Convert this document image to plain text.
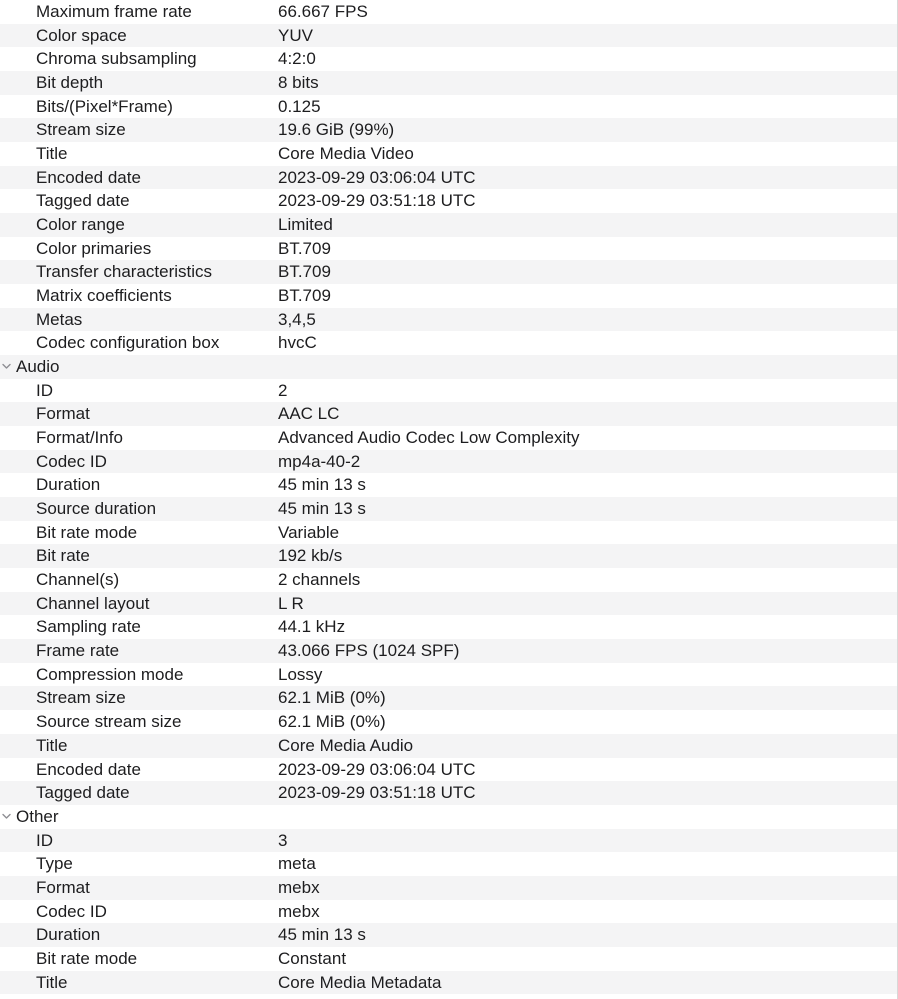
Maximum frame rate	66.667 FPS
Color space	YUV
Chroma subsampling	4:2:0
Bit depth	8 bits
Bits/(Pixel*Frame)	0.125
Stream size	19.6 GiB (99%)
Title	Core Media Video
Encoded date	2023-09-29 03:06:04 UTC
Tagged date	2023-09-29 03:51:18 UTC
Color range	Limited
Color primaries	BT.709
Transfer characteristics	BT.709
Matrix coefficients	BT.709
Metas	3,4,5
Codec configuration box	hvcC
Audio
ID	2
Format	AAC LC
Format/Info	Advanced Audio Codec Low Complexity
Codec ID	mp4a-40-2
Duration	45 min 13 s
Source duration	45 min 13 s
Bit rate mode	Variable
Bit rate	192 kb/s
Channel(s)	2 channels
Channel layout	L R
Sampling rate	44.1 kHz
Frame rate	43.066 FPS (1024 SPF)
Compression mode	Lossy
Stream size	62.1 MiB (0%)
Source stream size	62.1 MiB (0%)
Title	Core Media Audio
Encoded date	2023-09-29 03:06:04 UTC
Tagged date	2023-09-29 03:51:18 UTC
Other
ID	3
Type	meta
Format	mebx
Codec ID	mebx
Duration	45 min 13 s
Bit rate mode	Constant
Title	Core Media Metadata
